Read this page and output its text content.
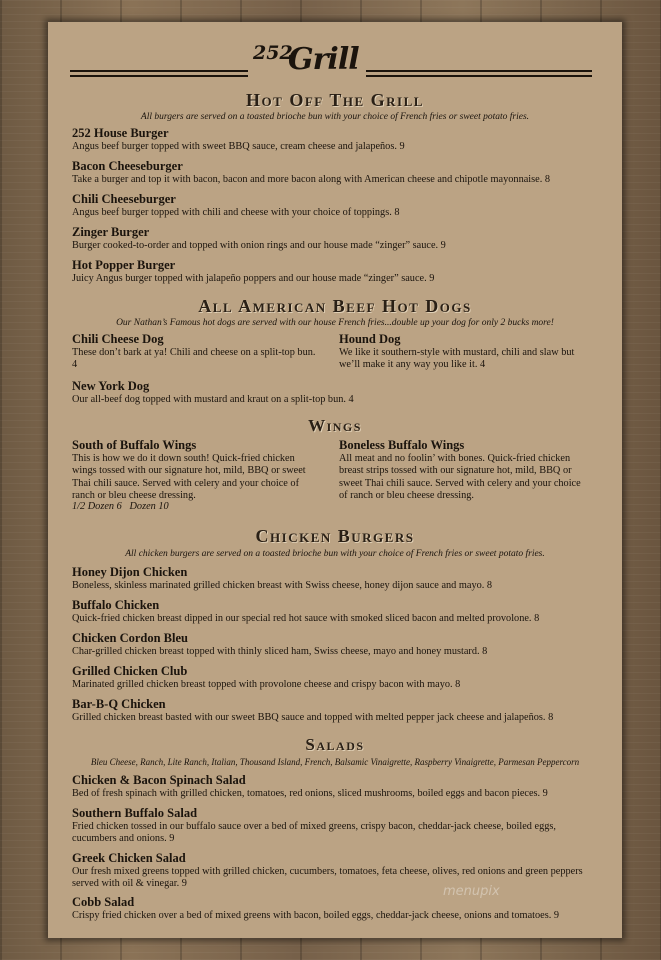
252
Grill
Hot Off The Grill
All burgers are served on a toasted brioche bun with your choice of French fries or sweet potato fries.
252 House Burger
Angus beef burger topped with sweet BBQ sauce, cream cheese and jalapeños. 9
Bacon Cheeseburger
Take a burger and top it with bacon, bacon and more bacon along with American cheese and chipotle mayonnaise. 8
Chili Cheeseburger
Angus beef burger topped with chili and cheese with your choice of toppings. 8
Zinger Burger
Burger cooked-to-order and topped with onion rings and our house made “zinger” sauce. 9
Hot Popper Burger
Juicy Angus burger topped with jalapeño poppers and our house made “zinger” sauce. 9
All American Beef Hot Dogs
Our Nathan’s Famous hot dogs are served with our house French fries...double up your dog for only 2 bucks more!
Chili Cheese Dog
These don’t bark at ya! Chili and cheese on a split-top bun. 4
Hound Dog
We like it southern-style with mustard, chili and slaw but we’ll make it any way you like it. 4
New York Dog
Our all-beef dog topped with mustard and kraut on a split-top bun. 4
Wings
South of Buffalo Wings
This is how we do it down south! Quick-fried chicken wings tossed with our signature hot, mild, BBQ or sweet Thai chili sauce. Served with celery and your choice of ranch or bleu cheese dressing.
1/2 Dozen 6   Dozen 10
Boneless Buffalo Wings
All meat and no foolin’ with bones. Quick-fried chicken breast strips tossed with our signature hot, mild, BBQ or sweet Thai chili sauce. Served with celery and your choice of ranch or bleu cheese dressing.
Chicken Burgers
All chicken burgers are served on a toasted brioche bun with your choice of French fries or sweet potato fries.
Honey Dijon Chicken
Boneless, skinless marinated grilled chicken breast with Swiss cheese, honey dijon sauce and mayo. 8
Buffalo Chicken
Quick-fried chicken breast dipped in our special red hot sauce with smoked sliced bacon and melted provolone. 8
Chicken Cordon Bleu
Char-grilled chicken breast topped with thinly sliced ham, Swiss cheese, mayo and honey mustard. 8
Grilled Chicken Club
Marinated grilled chicken breast topped with provolone cheese and crispy bacon with mayo. 8
Bar-B-Q Chicken
Grilled chicken breast basted with our sweet BBQ sauce and topped with melted pepper jack cheese and jalapeños. 8
Salads
Bleu Cheese, Ranch, Lite Ranch, Italian, Thousand Island, French, Balsamic Vinaigrette, Raspberry Vinaigrette, Parmesan Peppercorn
Chicken & Bacon Spinach Salad
Bed of fresh spinach with grilled chicken, tomatoes, red onions, sliced mushrooms, boiled eggs and bacon pieces. 9
Southern Buffalo Salad
Fried chicken tossed in our buffalo sauce over a bed of mixed greens, crispy bacon, cheddar-jack cheese, boiled eggs, cucumbers and onions. 9
Greek Chicken Salad
Our fresh mixed greens topped with grilled chicken, cucumbers, tomatoes, feta cheese, olives, red onions and green peppers served with oil & vinegar. 9
Cobb Salad
Crispy fried chicken over a bed of mixed greens with bacon, boiled eggs, cheddar-jack cheese, onions and tomatoes. 9
menupix
